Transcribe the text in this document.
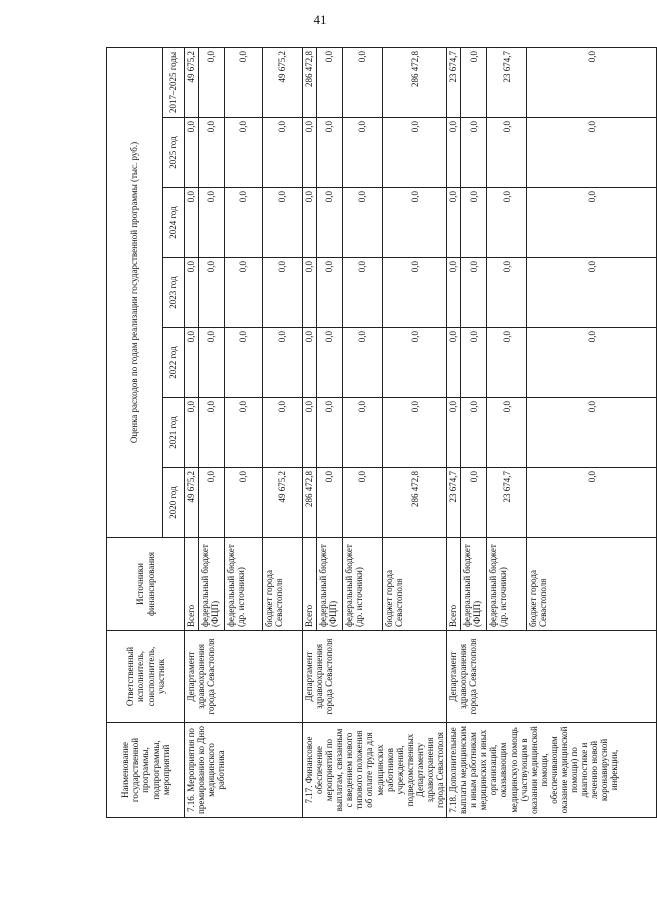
41
Наименование государственной программы, подпрограммы, мероприятий	Ответственный исполнитель, соисполнитель, участник	Источники финансирования	Оценка расходов по годам реализации государственной программы (тыс. руб.)						
			2020 год	2021 год	2022 год	2023 год	2024 год	2025 год	2017–2025 годы
7.16. Мероприятия по премированию ко Дню медицинского работника	Департамент здравоохранения города Севастополя	Всего	49 675,2	0,0	0,0	0,0	0,0	0,0	49 675,2
		федеральный бюджет (ФЦП)	0,0	0,0	0,0	0,0	0,0	0,0	0,0
		федеральный бюджет (др. источники)	0,0	0,0	0,0	0,0	0,0	0,0	0,0
		бюджет города Севастополя	49 675,2	0,0	0,0	0,0	0,0	0,0	49 675,2
7.17. Финансовое обеспечение мероприятий по выплатам, связанным с введением нового типового положения об оплате труда для медицинских работников учреждений, подведомственных Департаменту здравоохранения города Севастополя	Департамент здравоохранения города Севастополя	Всего	286 472,8	0,0	0,0	0,0	0,0	0,0	286 472,8
		федеральный бюджет (ФЦП)	0,0	0,0	0,0	0,0	0,0	0,0	0,0
		федеральный бюджет (др. источники)	0,0	0,0	0,0	0,0	0,0	0,0	0,0
		бюджет города Севастополя	286 472,8	0,0	0,0	0,0	0,0	0,0	286 472,8
7.18. Дополнительные выплаты медицинским и иным работникам медицинских и иных организаций, оказывающим медицинскую помощь (участвующим в оказании медицинской помощи, обеспечивающим оказание медицинской помощи) по диагностике и лечению новой коронавирусной инфекции,	Департамент здравоохранения города Севастополя	Всего	23 674,7	0,0	0,0	0,0	0,0	0,0	23 674,7
		федеральный бюджет (ФЦП)	0,0	0,0	0,0	0,0	0,0	0,0	0,0
		федеральный бюджет (др. источники)	23 674,7	0,0	0,0	0,0	0,0	0,0	23 674,7
		бюджет города Севастополя	0,0	0,0	0,0	0,0	0,0	0,0	0,0
